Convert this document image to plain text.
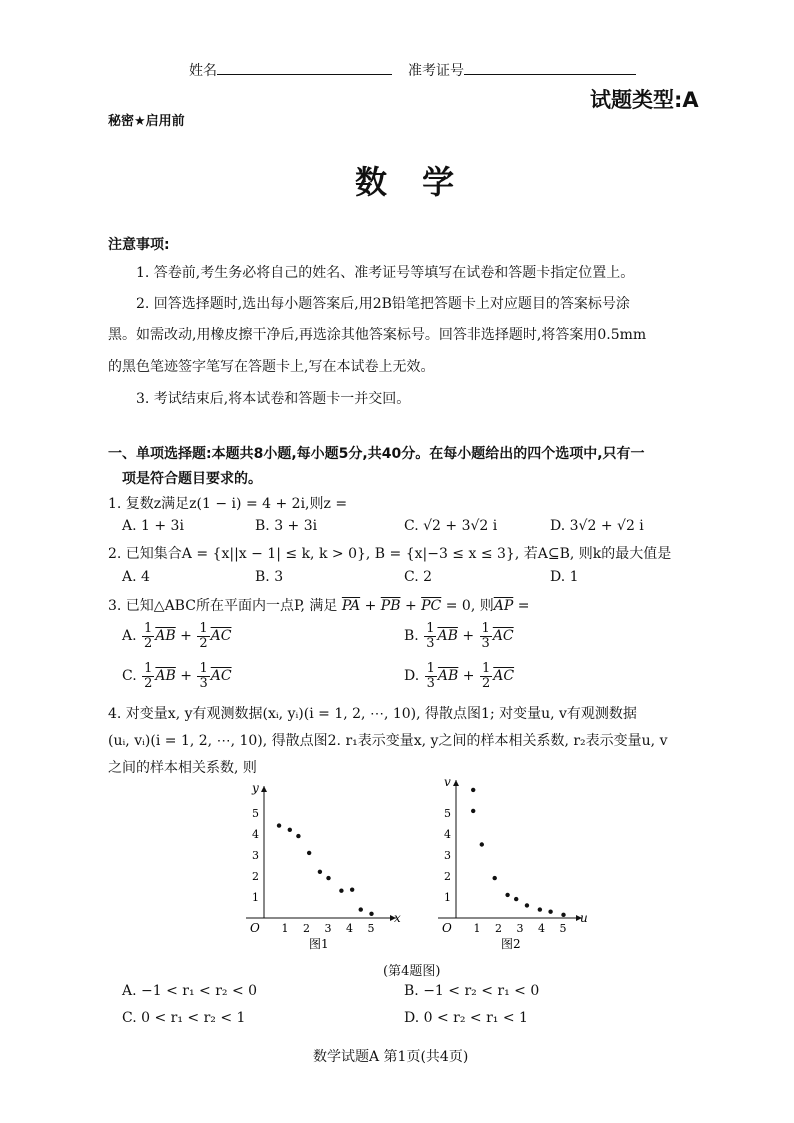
姓名	准考证号
试题类型:A
秘密★启用前
数 学
注意事项:
1. 答卷前,考生务必将自己的姓名、准考证号等填写在试卷和答题卡指定位置上。
2. 回答选择题时,选出每小题答案后,用2B铅笔把答题卡上对应题目的答案标号涂
黑。如需改动,用橡皮擦干净后,再选涂其他答案标号。回答非选择题时,将答案用0.5mm
的黑色笔迹签字笔写在答题卡上,写在本试卷上无效。
3. 考试结束后,将本试卷和答题卡一并交回。
一、单项选择题:本题共8小题,每小题5分,共40分。在每小题给出的四个选项中,只有一
项是符合题目要求的。
1. 复数z满足z(1 − i) = 4 + 2i,则z =
A. 1 + 3i	B. 3 + 3i	C. √2 + 3√2 i	D. 3√2 + √2 i
2. 已知集合A = {x||x − 1| ≤ k, k > 0}, B = {x|−3 ≤ x ≤ 3}, 若A⊆B, 则k的最大值是
A. 4	B. 3	C. 2	D. 1
3. 已知△ABC所在平面内一点P, 满足 $\overline{PA} + \overline{PB} + \overline{PC} = 0$, 则$\overline{AP}$ =
A. $\frac{1}{2} \overline{AB} + \frac{1}{2} \overline{AC}$	B. $\frac{1}{3} \overline{AB} + \frac{1}{3} \overline{AC}$
C. $\frac{1}{2} \overline{AB} + \frac{1}{3} \overline{AC}$	D. $\frac{1}{3} \overline{AB} + \frac{1}{2} \overline{AC}$
4. 对变量x, y有观测数据(xᵢ, yᵢ)(i = 1, 2, ⋯, 10), 得散点图1; 对变量u, v有观测数据
(uᵢ, vᵢ)(i = 1, 2, ⋯, 10), 得散点图2. r₁表示变量x, y之间的样本相关系数, r₂表示变量u, v
之间的样本相关系数, 则
x
y
O 1 2 3 4 5
1
2
3
4
5
图1
u
v
O 1 2 3 4 5
1
2
3
4
5
图2
(第4题图)
A. −1 < r₁ < r₂ < 0	B. −1 < r₂ < r₁ < 0
C. 0 < r₁ < r₂ < 1	D. 0 < r₂ < r₁ < 1
数学试题A 第1页(共4页)
